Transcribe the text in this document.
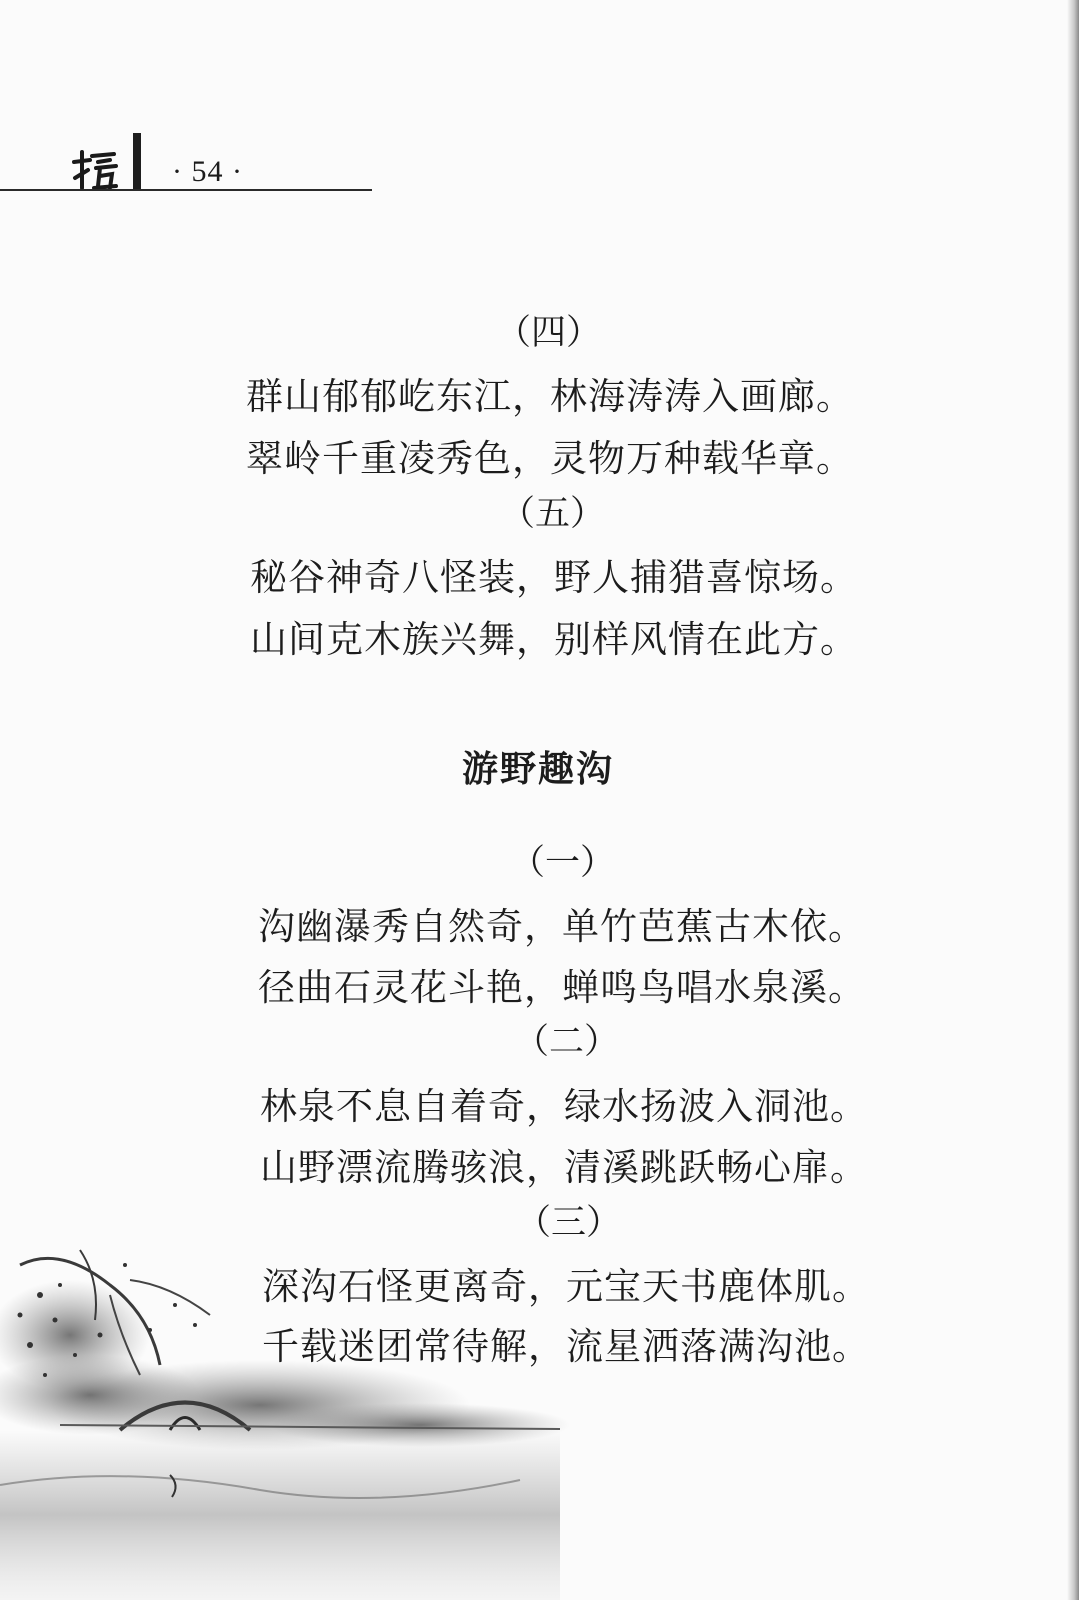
· 54 ·
（四）
群山郁郁屹东江，林海涛涛入画廊。
翠岭千重凌秀色，灵物万种载华章。
（五）
秘谷神奇八怪装，野人捕猎喜惊场。
山间克木族兴舞，别样风情在此方。
游野趣沟
（一）
沟幽瀑秀自然奇，单竹芭蕉古木依。
径曲石灵花斗艳，蝉鸣鸟唱水泉溪。
（二）
林泉不息自着奇，绿水扬波入洞池。
山野漂流腾骇浪，清溪跳跃畅心扉。
（三）
深沟石怪更离奇，元宝天书鹿体肌。
千载迷团常待解，流星洒落满沟池。
